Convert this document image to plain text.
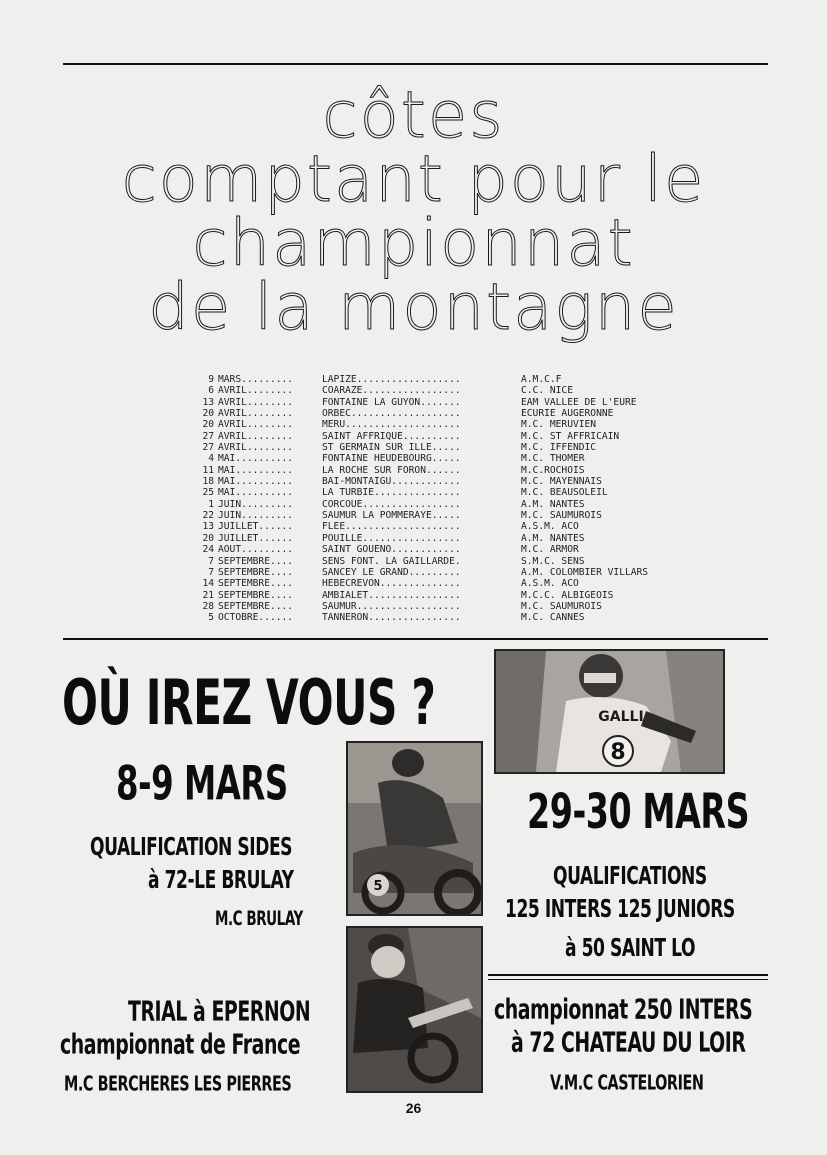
côtes
comptant pour le
championnat
de la montagne
9 MARS.........	LAPIZE..................	A.M.C.F
6 AVRIL........	COARAZE.................	C.C. NICE
13 AVRIL........	FONTAINE LA GUYON.......	EAM VALLEE DE L'EURE
20 AVRIL........	ORBEC...................	ECURIE AUGERONNE
20 AVRIL........	MERU....................	M.C. MERUVIEN
27 AVRIL........	SAINT AFFRIQUE..........	M.C. ST AFFRICAIN
27 AVRIL........	ST GERMAIN SUR ILLE.....	M.C. IFFENDIC
4 MAI..........	FONTAINE HEUDEBOURG.....	M.C. THOMER
11 MAI..........	LA ROCHE SUR FORON......	M.C.ROCHOIS
18 MAI..........	BAI-MONTAIGU............	M.C. MAYENNAIS
25 MAI..........	LA TURBIE...............	M.C. BEAUSOLEIL
1 JUIN.........	CORCOUE.................	A.M. NANTES
22 JUIN.........	SAUMUR LA POMMERAYE.....	M.C. SAUMUROIS
13 JUILLET......	FLEE....................	A.S.M. ACO
20 JUILLET......	POUILLE.................	A.M. NANTES
24 AOUT.........	SAINT GOUENO............	M.C. ARMOR
7 SEPTEMBRE....	SENS FONT. LA GAILLARDE.	S.M.C. SENS
7 SEPTEMBRE....	SANCEY LE GRAND.........	A.M. COLOMBIER VILLARS
14 SEPTEMBRE....	HEBECREVON..............	A.S.M. ACO
21 SEPTEMBRE....	AMBIALET................	M.C.C. ALBIGEOIS
28 SEPTEMBRE....	SAUMUR..................	M.C. SAUMUROIS
5 OCTOBRE......	TANNERON................	M.C. CANNES
OÙ IREZ VOUS ?
8-9 MARS
QUALIFICATION SIDES
à 72-LE BRULAY
M.C BRULAY
5
GALLI
8
29-30 MARS
QUALIFICATIONS
125 INTERS 125 JUNIORS
à 50 SAINT LO
TRIAL à EPERNON
championnat de France
M.C BERCHERES LES PIERRES
championnat 250 INTERS
à 72 CHATEAU DU LOIR
V.M.C CASTELORIEN
26
